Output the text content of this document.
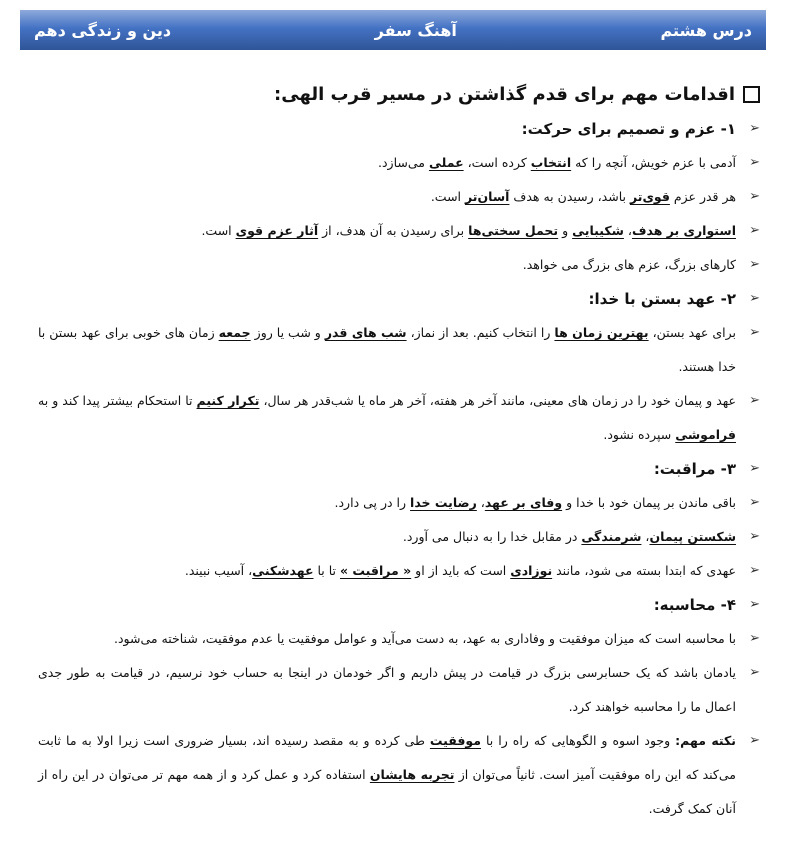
درس هشتم
آهنگ سفر
دین و زندگی دهم
اقدامات مهم برای قدم گذاشتن در مسیر قرب الهی:
➢
۱- عزم و تصمیم برای حرکت:
➢
آدمی با عزم خویش، آنچه را که انتخاب کرده است، عملی می‌سازد.
➢
هر قدر عزم قوی‌تر باشد، رسیدن به هدف آسان‌تر است.
➢
استواری بر هدف، شکیبایی و تحمل سختی‌ها برای رسیدن به آن هدف، از آثار عزم قوی است.
➢
کارهای بزرگ، عزم های بزرگ می خواهد.
➢
۲- عهد بستن با خدا:
➢
برای عهد بستن، بهترین زمان ها را انتخاب کنیم. بعد از نماز، شب های قدر و شب یا روز جمعه زمان های خوبی برای عهد بستن با خدا هستند.
➢
عهد و پیمان خود را در زمان های معینی، مانند آخر هر هفته، آخر هر ماه یا شب‌قدر هر سال، تکرار کنیم تا استحکام بیشتر پیدا کند و به فراموشی سپرده نشود.
➢
۳- مراقبت:
➢
باقی ماندن بر پیمان خود با خدا و وفای بر عهد، رضایت خدا را در پی دارد.
➢
شکستن پیمان، شرمندگی در مقابل خدا را به دنبال می آورد.
➢
عهدی که ابتدا بسته می شود، مانند نوزادی است که باید از او « مراقبت » تا با عهدشکنی، آسیب نبیند.
➢
۴- محاسبه:
➢
با محاسبه است که میزان موفقیت و وفاداری به عهد، به دست می‌آید و عوامل موفقیت یا عدم موفقیت، شناخته می‌شود.
➢
یادمان باشد که یک حسابرسی بزرگ در قیامت در پیش داریم و اگر خودمان در اینجا به حساب خود نرسیم، در قیامت به طور جدی اعمال ما را محاسبه خواهند کرد.
➢
نکته مهم: وجود اسوه و الگوهایی که راه را با موفقیت طی کرده و به مقصد رسیده اند، بسیار ضروری است زیرا اولا به ما ثابت می‌کند که این راه موفقیت آمیز است. ثانیاً می‌توان از تجربه هایشان استفاده کرد و عمل کرد و از همه مهم تر می‌توان در این راه از آنان کمک گرفت.
